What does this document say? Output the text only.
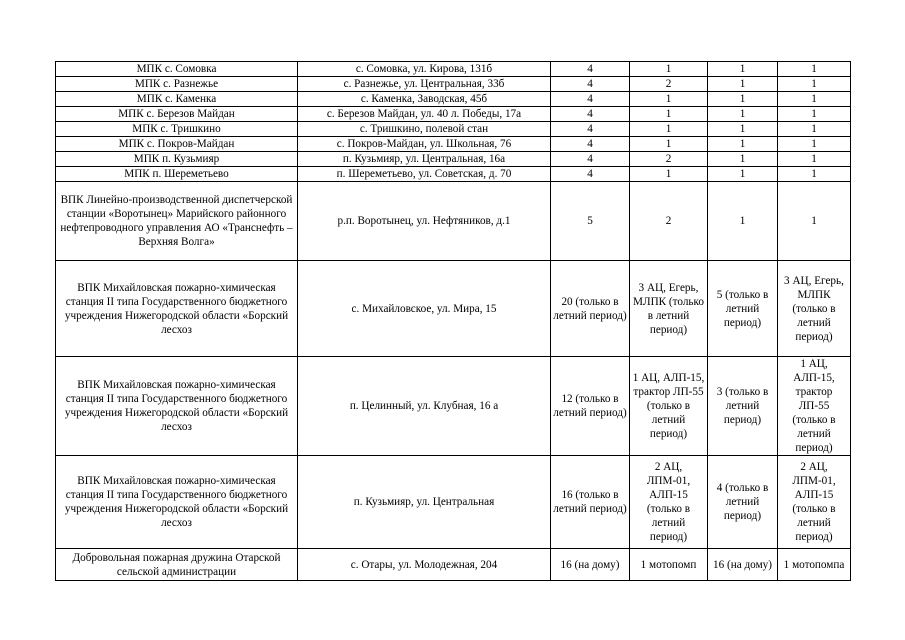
МПК с. Сомовка	с. Сомовка, ул. Кирова, 131б	4	1	1	1
МПК с. Разнежье	с. Разнежье, ул. Центральная, 33б	4	2	1	1
МПК с. Каменка	с. Каменка, Заводская, 45б	4	1	1	1
МПК с. Березов Майдан	с. Березов Майдан, ул. 40 л. Победы, 17а	4	1	1	1
МПК с. Тришкино	с. Тришкино, полевой стан	4	1	1	1
МПК с. Покров-Майдан	с. Покров-Майдан, ул. Школьная, 76	4	1	1	1
МПК п. Кузьмияр	п. Кузьмияр, ул. Центральная, 16а	4	2	1	1
МПК п. Шереметьево	п. Шереметьево, ул. Советская, д. 70	4	1	1	1
ВПК Линейно-производственной диспетчерской станции «Воротынец» Марийского районного нефтепроводного управления АО «Транснефть – Верхняя Волга»	р.п. Воротынец, ул. Нефтяников, д.1	5	2	1	1
ВПК Михайловская пожарно-химическая станция II типа Государственного бюджетного учреждения Нижегородской области «Борский лесхоз	с. Михайловское, ул. Мира, 15	20 (только в летний период)	3 АЦ, Егерь, МЛПК (только в летний период)	5 (только в летний период)	3 АЦ, Егерь, МЛПК (только в летний период)
ВПК Михайловская пожарно-химическая станция II типа Государственного бюджетного учреждения Нижегородской области «Борский лесхоз	п. Целинный, ул. Клубная, 16 а	12 (только в летний период)	1 АЦ, АЛП-15, трактор ЛП-55 (только в летний период)	3 (только в летний период)	1 АЦ, АЛП-15, трактор ЛП-55 (только в летний период)
ВПК Михайловская пожарно-химическая станция II типа Государственного бюджетного учреждения Нижегородской области «Борский лесхоз	п. Кузьмияр, ул. Центральная	16 (только в летний период)	2 АЦ, ЛПМ-01, АЛП-15 (только в летний период)	4 (только в летний период)	2 АЦ, ЛПМ-01, АЛП-15 (только в летний период)
Добровольная пожарная дружина Отарской сельской администрации	с. Отары, ул. Молодежная, 204	16 (на дому)	1 мотопомп	16 (на дому)	1 мотопомпа
